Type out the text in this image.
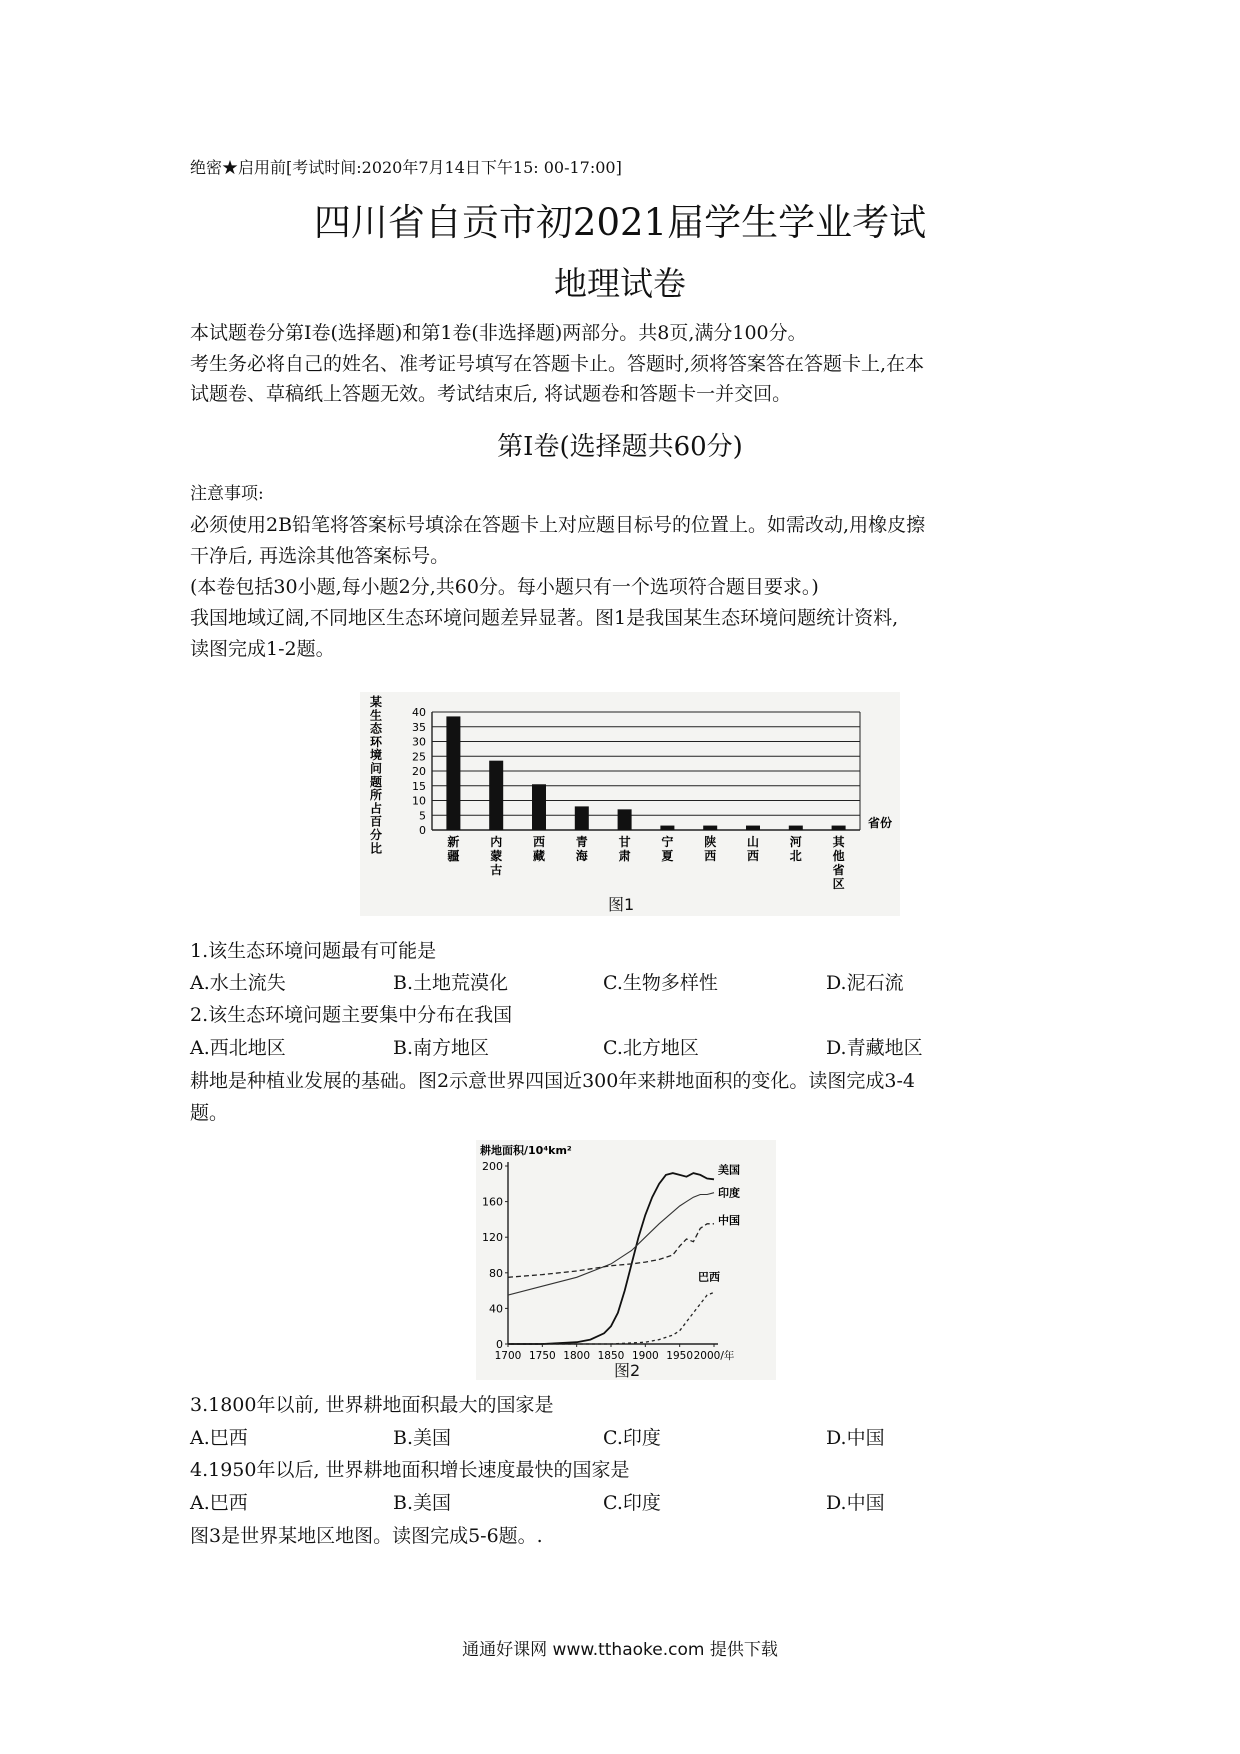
绝密★启用前[考试时间:2020年7月14日下午15: 00-17:00]
四川省自贡市初2021届学生学业考试
地理试卷
本试题卷分第Ⅰ卷(选择题)和第1卷(非选择题)两部分。共8页,满分100分。
考生务必将自己的姓名、准考证号填写在答题卡止。答题时,须将答案答在答题卡上,在本
试题卷、草稿纸上答题无效。考试结束后, 将试题卷和答题卡一并交回。
第Ⅰ卷(选择题共60分)
注意事项:
必须使用2B铅笔将答案标号填涂在答题卡上对应题目标号的位置上。如需改动,用橡皮擦
干净后, 再选涂其他答案标号。
(本卷包括30小题,每小题2分,共60分。每小题只有一个选项符合题目要求。)
我国地域辽阔,不同地区生态环境问题差异显著。图1是我国某生态环境问题统计资料,
读图完成1-2题。
0
5
10
15
20
25
30
35
40
新
疆
内
蒙
古
西
藏
青
海
甘
肃
宁
夏
陕
西
山
西
河
北
其
他
省
区
某生态环境问题所占百分比
省份
图1
1.该生态环境问题最有可能是
A.水土流失	B.土地荒漠化	C.生物多样性	D.泥石流
2.该生态环境问题主要集中分布在我国
A.西北地区	B.南方地区	C.北方地区	D.青藏地区
耕地是种植业发展的基础。图2示意世界四国近300年来耕地面积的变化。读图完成3-4
题。
耕地面积/10⁴km²
0
40
80
120
160
200
1700 1750 1800 1850 1900 1950 2000/年
美国
印度
中国
巴西
图2
3.1800年以前, 世界耕地面积最大的国家是
A.巴西	B.美国	C.印度	D.中国
4.1950年以后, 世界耕地面积增长速度最快的国家是
A.巴西	B.美国	C.印度	D.中国
图3是世界某地区地图。读图完成5-6题。.
通通好课网 www.tthaoke.com 提供下载
